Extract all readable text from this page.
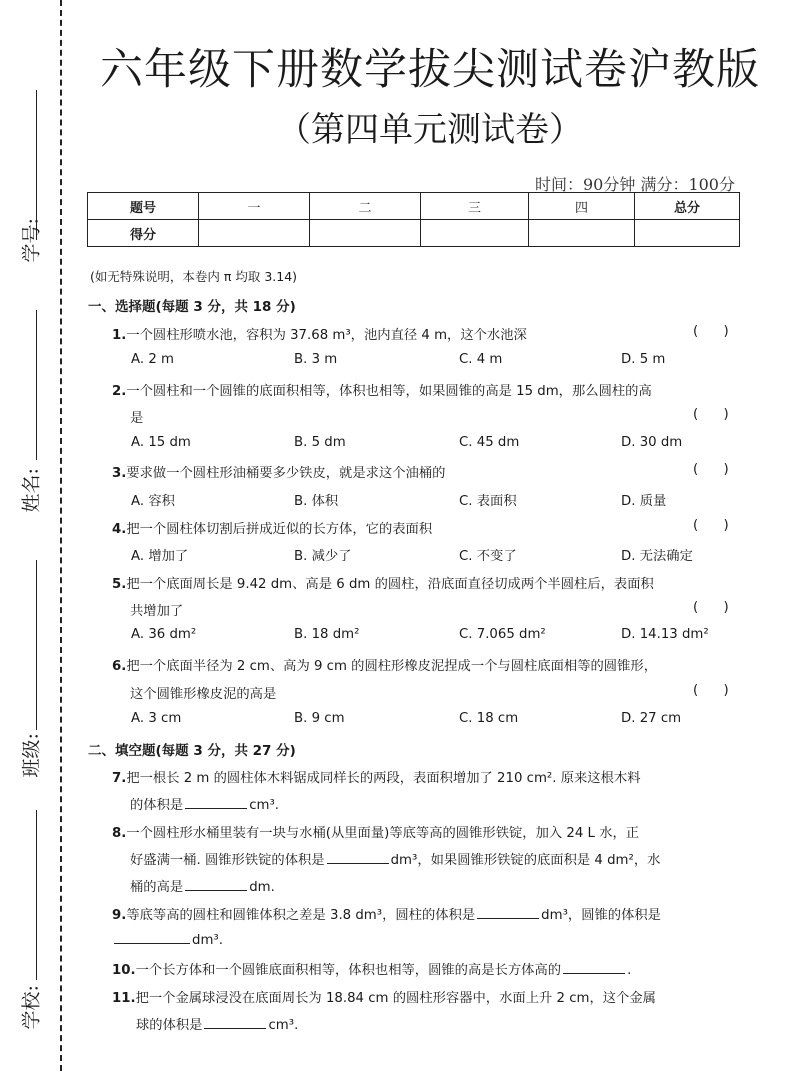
学号:
姓名:
班级:
学校:
六年级下册数学拔尖测试卷沪教版
（第四单元测试卷）
时间：90分钟 满分：100分
题号	一	二	三	四	总分
得分					
(如无特殊说明，本卷内 π 均取 3.14)
一、选择题(每题 3 分，共 18 分)
1.一个圆柱形喷水池，容积为 37.68 m³，池内直径 4 m，这个水池深	(      )
A. 2 m	B. 3 m	C. 4 m	D. 5 m
2.一个圆柱和一个圆锥的底面积相等，体积也相等，如果圆锥的高是 15 dm，那么圆柱的高
是	(      )
A. 15 dm	B. 5 dm	C. 45 dm	D. 30 dm
3.要求做一个圆柱形油桶要多少铁皮，就是求这个油桶的	(      )
A. 容积	B. 体积	C. 表面积	D. 质量
4.把一个圆柱体切割后拼成近似的长方体，它的表面积	(      )
A. 增加了	B. 减少了	C. 不变了	D. 无法确定
5.把一个底面周长是 9.42 dm、高是 6 dm 的圆柱，沿底面直径切成两个半圆柱后，表面积
共增加了	(      )
A. 36 dm²	B. 18 dm²	C. 7.065 dm²	D. 14.13 dm²
6.把一个底面半径为 2 cm、高为 9 cm 的圆柱形橡皮泥捏成一个与圆柱底面相等的圆锥形，
这个圆锥形橡皮泥的高是	(      )
A. 3 cm	B. 9 cm	C. 18 cm	D. 27 cm
二、填空题(每题 3 分，共 27 分)
7.把一根长 2 m 的圆柱体木料锯成同样长的两段，表面积增加了 210 cm². 原来这根木料
的体积是	cm³.
8.一个圆柱形水桶里装有一块与水桶(从里面量)等底等高的圆锥形铁锭，加入 24 L 水，正
好盛满一桶. 圆锥形铁锭的体积是	dm³，如果圆锥形铁锭的底面积是 4 dm²，水
桶的高是	dm.
9.等底等高的圆柱和圆锥体积之差是 3.8 dm³，圆柱的体积是	dm³，圆锥的体积是
dm³.
10.一个长方体和一个圆锥底面积相等，体积也相等，圆锥的高是长方体高的	.
11.把一个金属球浸没在底面周长为 18.84 cm 的圆柱形容器中，水面上升 2 cm，这个金属
球的体积是	cm³.
